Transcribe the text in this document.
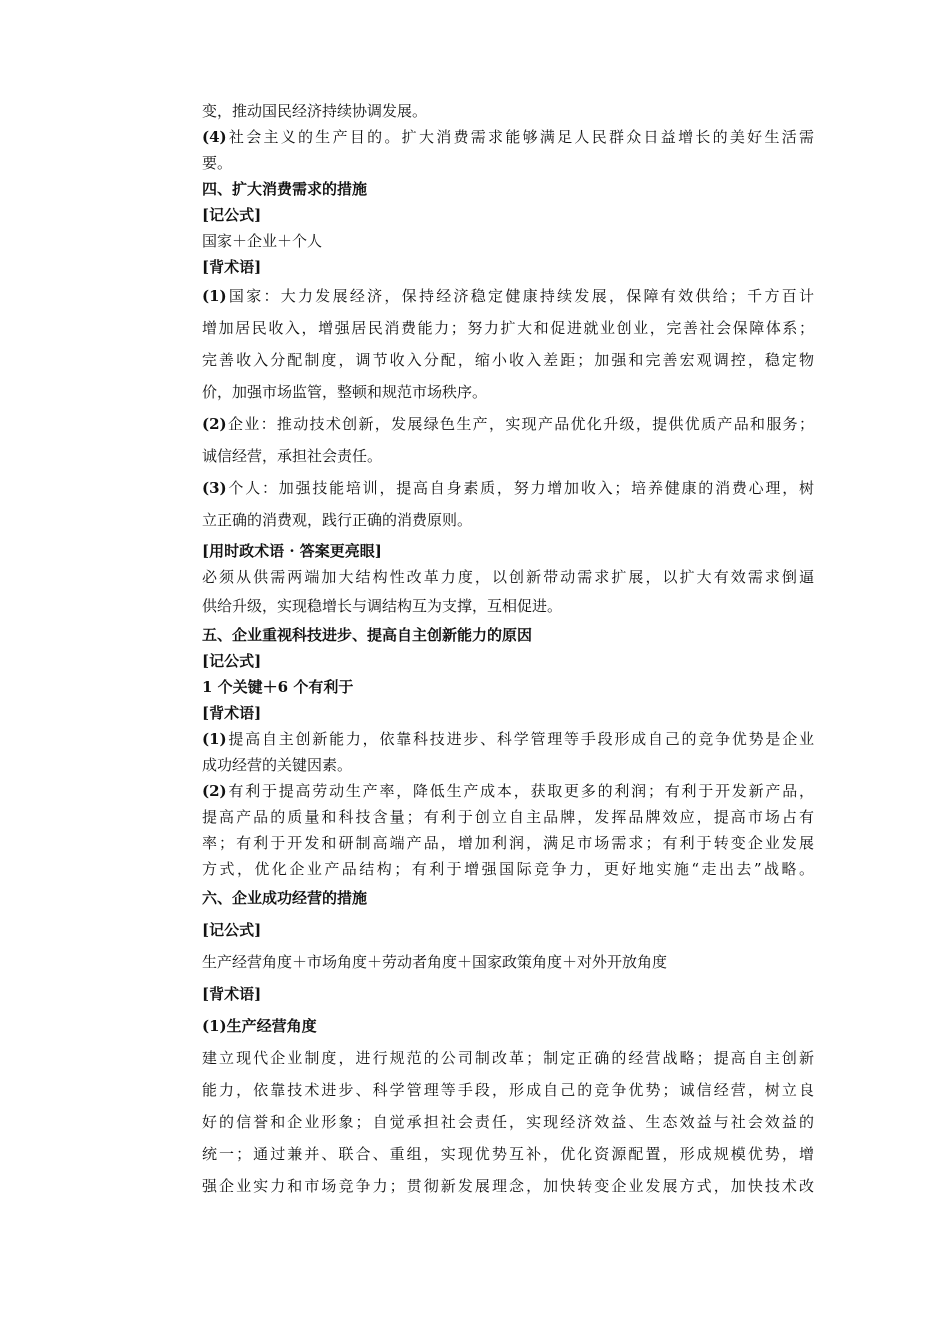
变，推动国民经济持续协调发展。
(4)社会主义的生产目的。扩大消费需求能够满足人民群众日益增长的美好生活需
要。
四、扩大消费需求的措施
[记公式]
国家＋企业＋个人
[背术语]
(1)国家：大力发展经济，保持经济稳定健康持续发展，保障有效供给；千方百计
增加居民收入，增强居民消费能力；努力扩大和促进就业创业，完善社会保障体系；
完善收入分配制度，调节收入分配，缩小收入差距；加强和完善宏观调控，稳定物
价，加强市场监管，整顿和规范市场秩序。
(2)企业：推动技术创新，发展绿色生产，实现产品优化升级，提供优质产品和服务；
诚信经营，承担社会责任。
(3)个人：加强技能培训，提高自身素质，努力增加收入；培养健康的消费心理，树
立正确的消费观，践行正确的消费原则。
[用时政术语 · 答案更亮眼]
必须从供需两端加大结构性改革力度，以创新带动需求扩展，以扩大有效需求倒逼
供给升级，实现稳增长与调结构互为支撑，互相促进。
五、企业重视科技进步、提高自主创新能力的原因
[记公式]
1 个关键＋6 个有利于
[背术语]
(1)提高自主创新能力，依靠科技进步、科学管理等手段形成自己的竞争优势是企业
成功经营的关键因素。
(2)有利于提高劳动生产率，降低生产成本，获取更多的利润；有利于开发新产品，
提高产品的质量和科技含量；有利于创立自主品牌，发挥品牌效应，提高市场占有
率；有利于开发和研制高端产品，增加利润，满足市场需求；有利于转变企业发展
方式，优化企业产品结构；有利于增强国际竞争力，更好地实施“走出去”战略。
六、企业成功经营的措施
[记公式]
生产经营角度＋市场角度＋劳动者角度＋国家政策角度＋对外开放角度
[背术语]
(1)生产经营角度
建立现代企业制度，进行规范的公司制改革；制定正确的经营战略；提高自主创新
能力，依靠技术进步、科学管理等手段，形成自己的竞争优势；诚信经营，树立良
好的信誉和企业形象；自觉承担社会责任，实现经济效益、生态效益与社会效益的
统一；通过兼并、联合、重组，实现优势互补，优化资源配置，形成规模优势，增
强企业实力和市场竞争力；贯彻新发展理念，加快转变企业发展方式，加快技术改
